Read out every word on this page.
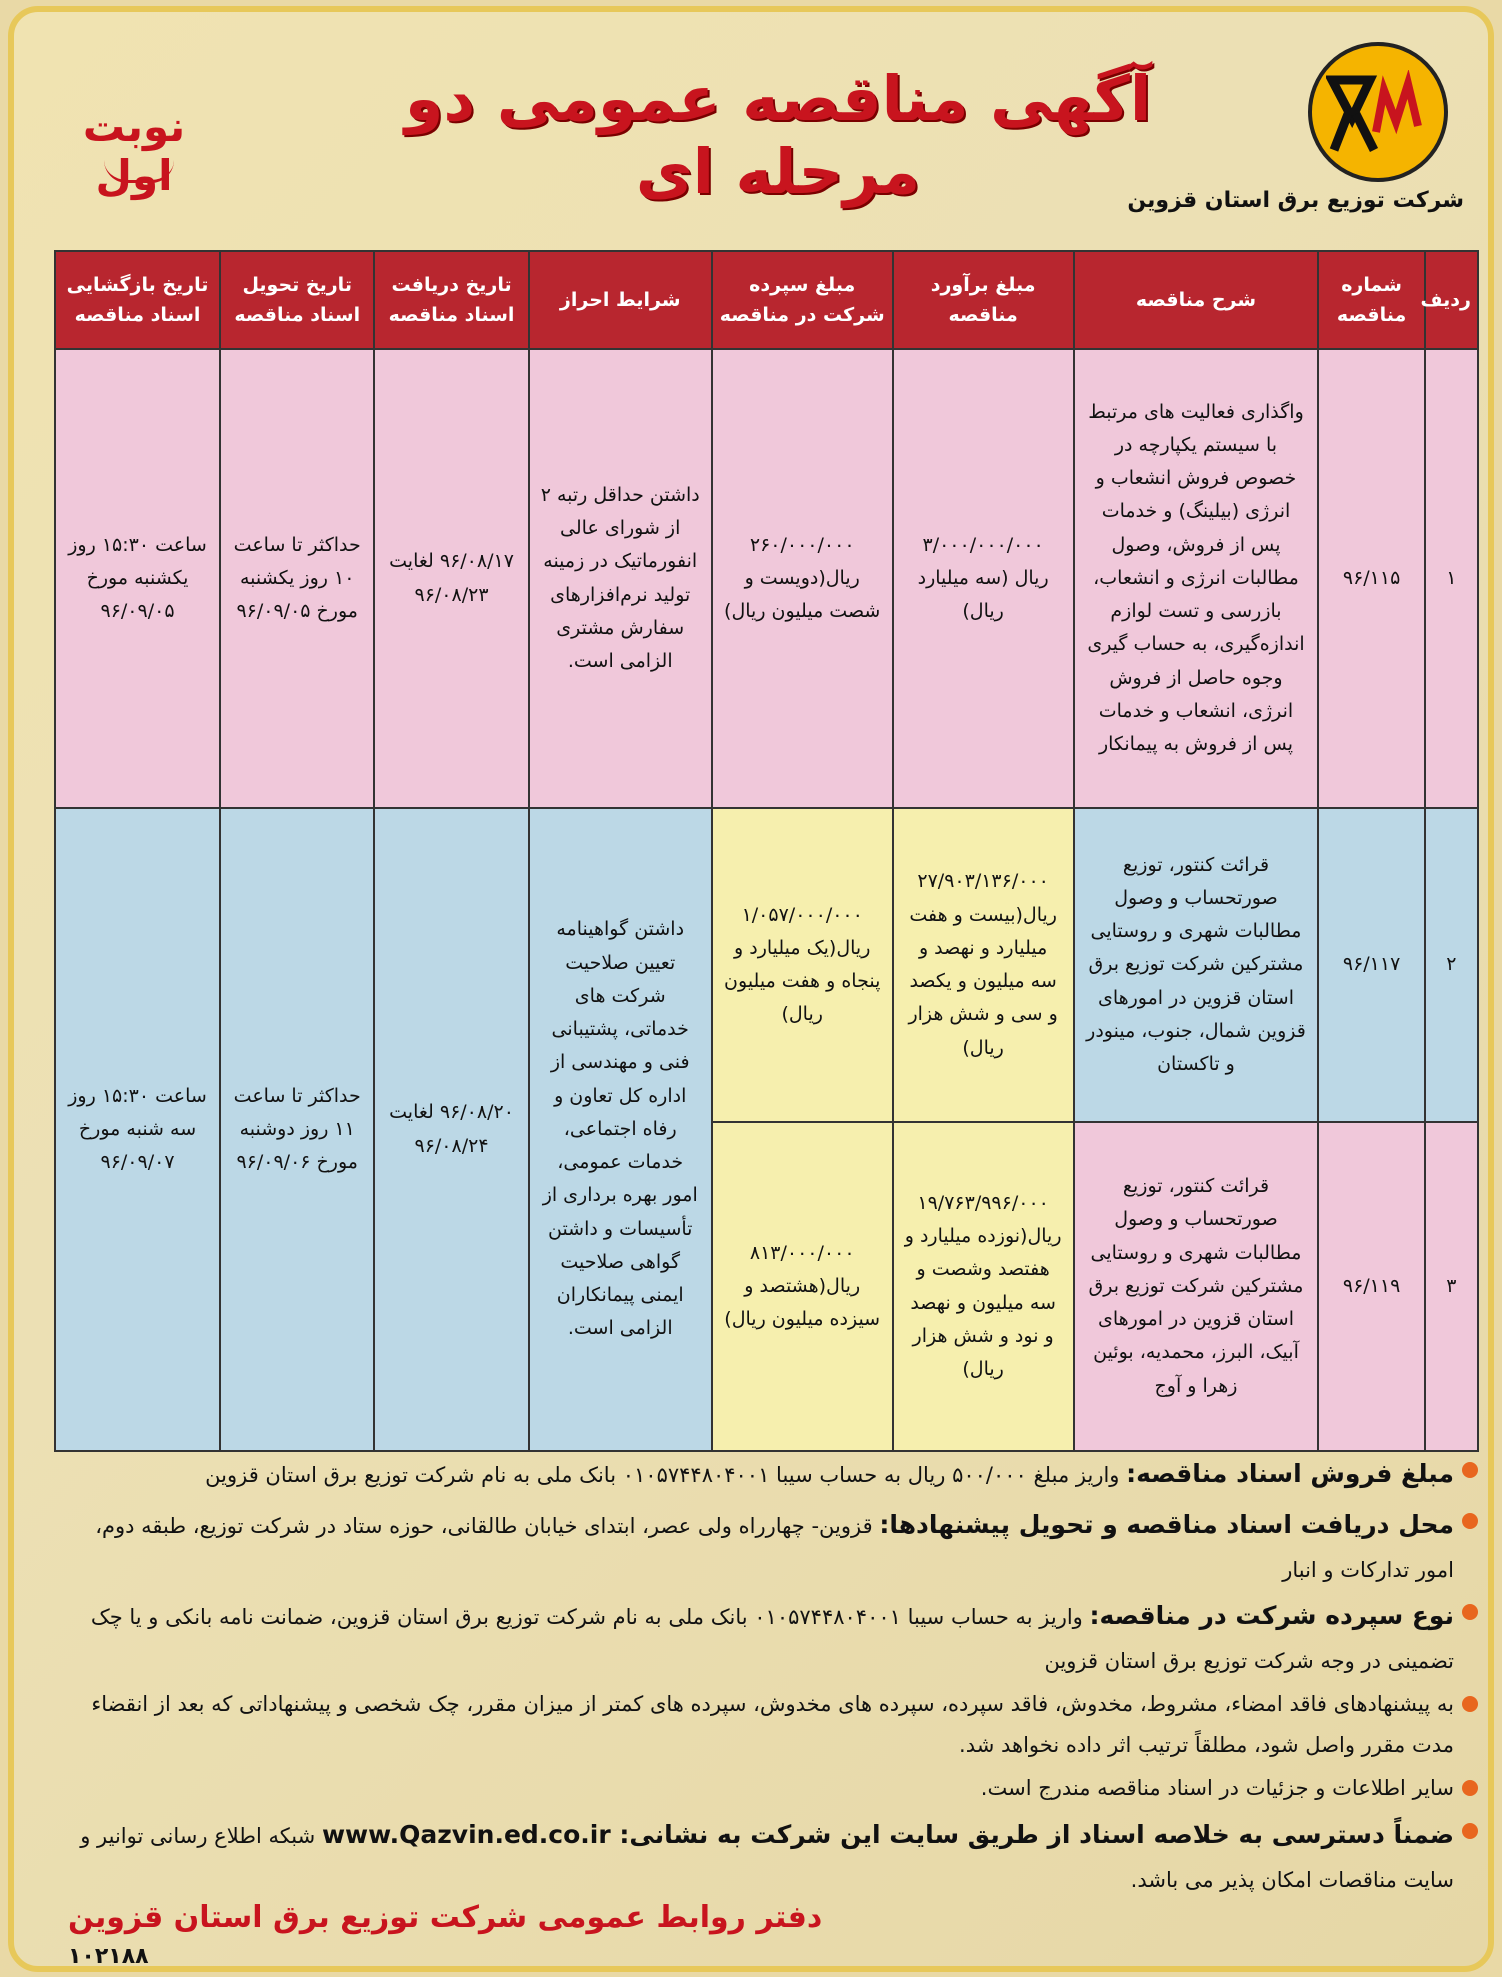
شرکت توزیع برق استان قزوین
آگهی مناقصه عمومی دو مرحله ای
نوبت اول
ردیف	شماره مناقصه	شرح مناقصه	مبلغ برآورد مناقصه	مبلغ سپرده شرکت در مناقصه	شرایط احراز	تاریخ دریافت اسناد مناقصه	تاریخ تحویل اسناد مناقصه	تاریخ بازگشایی اسناد مناقصه
۱	۹۶/۱۱۵	واگذاری فعالیت های مرتبط با سیستم یکپارچه در خصوص فروش انشعاب و انرژی (بیلینگ) و خدمات پس از فروش، وصول مطالبات انرژی و انشعاب، بازرسی و تست لوازم اندازه‌گیری، به حساب گیری وجوه حاصل از فروش انرژی، انشعاب و خدمات پس از فروش به پیمانکار	۳/۰۰۰/۰۰۰/۰۰۰ ریال (سه میلیارد ریال)	۲۶۰/۰۰۰/۰۰۰ ریال(دویست و شصت میلیون ریال)	داشتن حداقل رتبه ۲ از شورای عالی انفورماتیک در زمینه تولید نرم‌افزارهای سفارش مشتری الزامی است.	۹۶/۰۸/۱۷ لغایت ۹۶/۰۸/۲۳	حداکثر تا ساعت ۱۰ روز یکشنبه مورخ ۹۶/۰۹/۰۵	ساعت ۱۵:۳۰ روز یکشنبه مورخ ۹۶/۰۹/۰۵
۲	۹۶/۱۱۷	قرائت کنتور، توزیع صورتحساب و وصول مطالبات شهری و روستایی مشترکین شرکت توزیع برق استان قزوین در امورهای قزوین شمال، جنوب، مینودر و تاکستان	۲۷/۹۰۳/۱۳۶/۰۰۰ ریال(بیست و هفت میلیارد و نهصد و سه میلیون و یکصد و سی و شش هزار ریال)	۱/۰۵۷/۰۰۰/۰۰۰ ریال(یک میلیارد و پنجاه و هفت میلیون ریال)	داشتن گواهینامه تعیین صلاحیت شرکت های خدماتی، پشتیبانی فنی و مهندسی از اداره کل تعاون و رفاه اجتماعی، خدمات عمومی، امور بهره برداری از تأسیسات و داشتن گواهی صلاحیت ایمنی پیمانکاران الزامی است.	۹۶/۰۸/۲۰ لغایت ۹۶/۰۸/۲۴	حداکثر تا ساعت ۱۱ روز دوشنبه مورخ ۹۶/۰۹/۰۶	ساعت ۱۵:۳۰ روز سه شنبه مورخ ۹۶/۰۹/۰۷
۳	۹۶/۱۱۹	قرائت کنتور، توزیع صورتحساب و وصول مطالبات شهری و روستایی مشترکین شرکت توزیع برق استان قزوین در امورهای آبیک، البرز، محمدیه، بوئین زهرا و آوج	۱۹/۷۶۳/۹۹۶/۰۰۰ ریال(نوزده میلیارد و هفتصد وشصت و سه میلیون و نهصد و نود و شش هزار ریال)	۸۱۳/۰۰۰/۰۰۰ ریال(هشتصد و سیزده میلیون ریال)				
مبلغ فروش اسناد مناقصه: واریز مبلغ ۵۰۰/۰۰۰ ریال به حساب سیبا ۰۱۰۵۷۴۴۸۰۴۰۰۱ بانک ملی به نام شرکت توزیع برق استان قزوین
محل دریافت اسناد مناقصه و تحویل پیشنهادها: قزوین- چهارراه ولی عصر، ابتدای خیابان طالقانی، حوزه ستاد در شرکت توزیع، طبقه دوم، امور تدارکات و انبار
نوع سپرده شرکت در مناقصه: واریز به حساب سیبا ۰۱۰۵۷۴۴۸۰۴۰۰۱ بانک ملی به نام شرکت توزیع برق استان قزوین، ضمانت نامه بانکی و یا چک تضمینی در وجه شرکت توزیع برق استان قزوین
به پیشنهادهای فاقد امضاء، مشروط، مخدوش، فاقد سپرده، سپرده های مخدوش، سپرده های کمتر از میزان مقرر، چک شخصی و پیشنهاداتی که بعد از انقضاء مدت مقرر واصل شود، مطلقاً ترتیب اثر داده نخواهد شد.
سایر اطلاعات و جزئیات در اسناد مناقصه مندرج است.
ضمناً دسترسی به خلاصه اسناد از طریق سایت این شرکت به نشانی: www.Qazvin.ed.co.ir شبکه اطلاع رسانی توانیر و سایت مناقصات امکان پذیر می باشد.
دفتر روابط عمومی شرکت توزیع برق استان قزوین
۱۰۲۱۸۸
